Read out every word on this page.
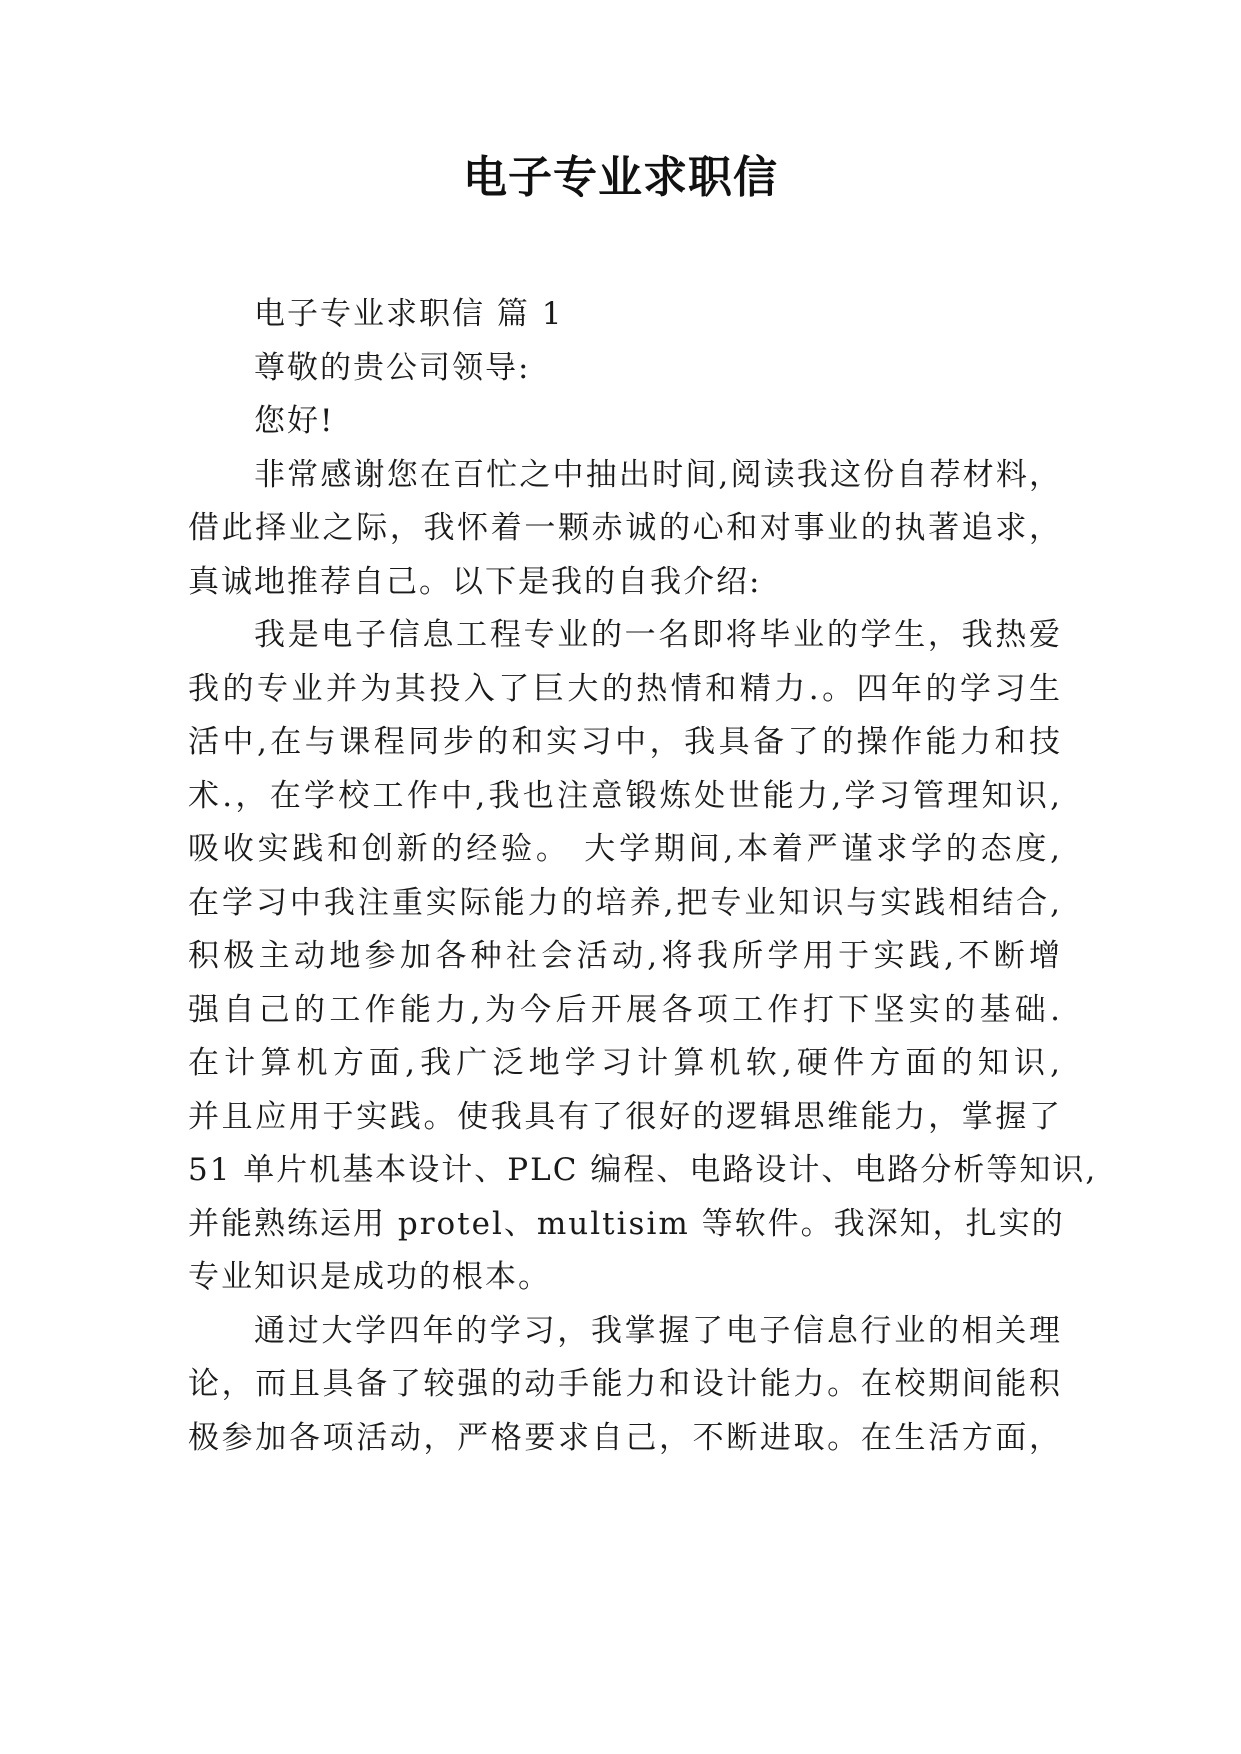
电子专业求职信
电子专业求职信 篇 1
尊敬的贵公司领导:
您好!
非常感谢您在百忙之中抽出时间,阅读我这份自荐材料，
借此择业之际，我怀着一颗赤诚的心和对事业的执著追求，
真诚地推荐自己。以下是我的自我介绍:
我是电子信息工程专业的一名即将毕业的学生，我热爱
我的专业并为其投入了巨大的热情和精力.。四年的学习生
活中,在与课程同步的和实习中，我具备了的操作能力和技
术.，在学校工作中,我也注意锻炼处世能力,学习管理知识,
吸收实践和创新的经验。 大学期间,本着严谨求学的态度,
在学习中我注重实际能力的培养,把专业知识与实践相结合,
积极主动地参加各种社会活动,将我所学用于实践,不断增
强自己的工作能力,为今后开展各项工作打下坚实的基础.
在计算机方面,我广泛地学习计算机软,硬件方面的知识,
并且应用于实践。使我具有了很好的逻辑思维能力，掌握了
51 单片机基本设计、PLC 编程、电路设计、电路分析等知识,
并能熟练运用 protel、multisim 等软件。我深知，扎实的
专业知识是成功的根本。
通过大学四年的学习，我掌握了电子信息行业的相关理
论，而且具备了较强的动手能力和设计能力。在校期间能积
极参加各项活动，严格要求自己，不断进取。在生活方面，
